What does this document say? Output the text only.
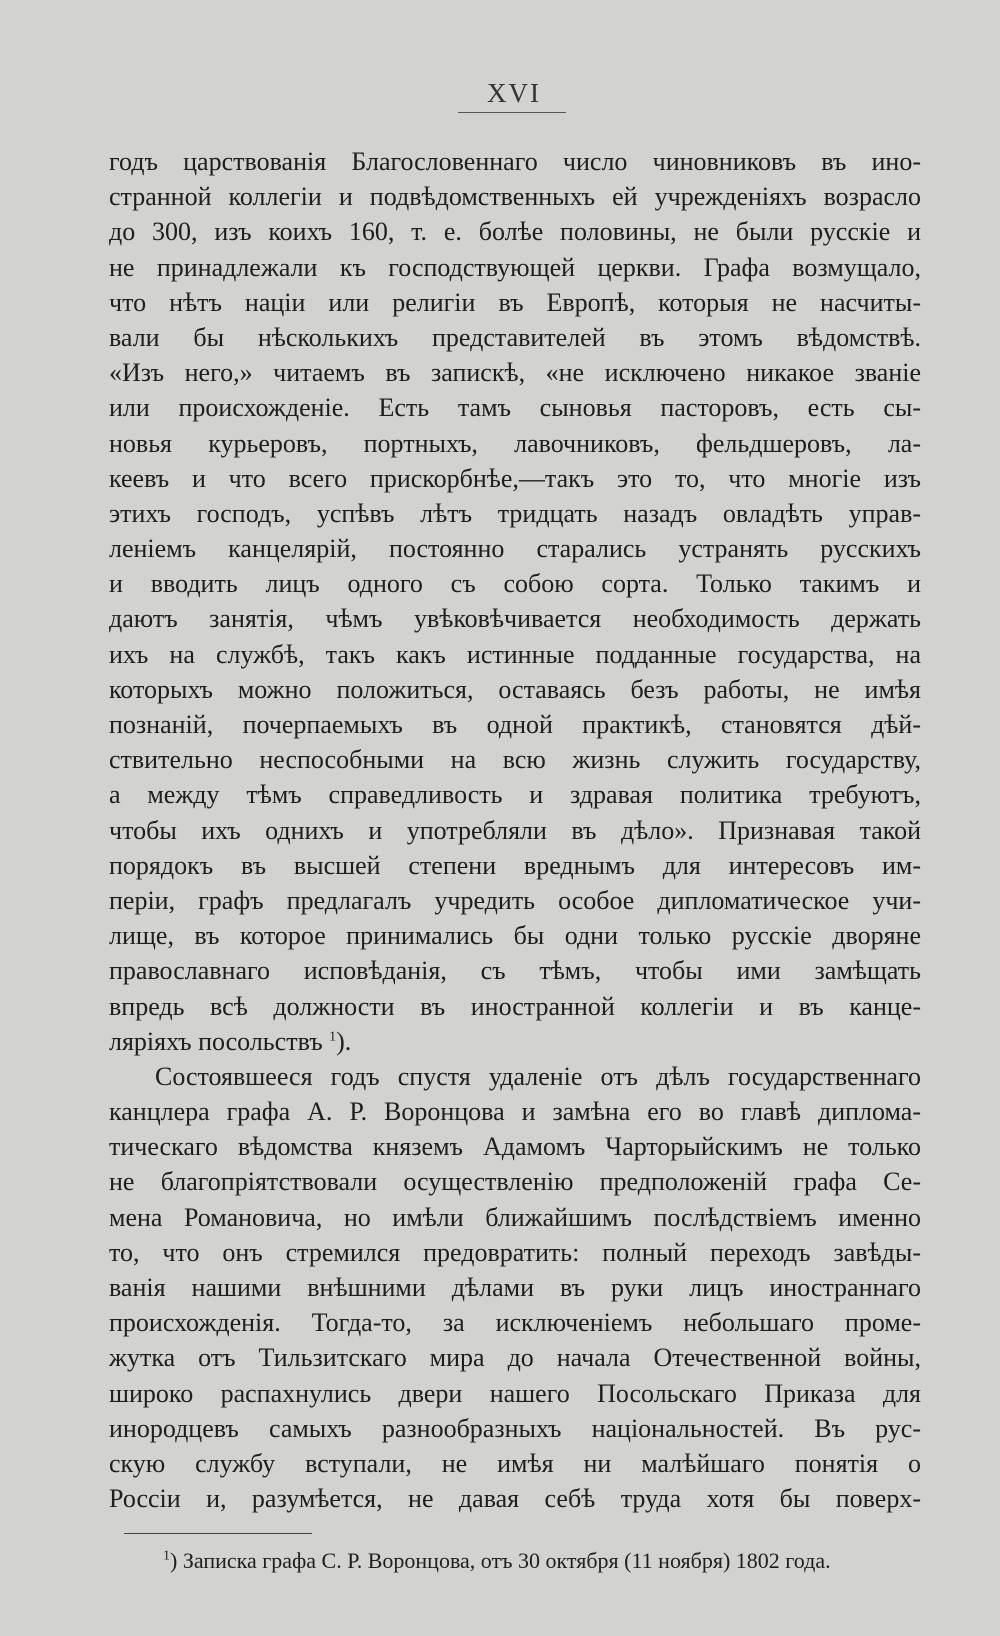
XVI
годъ царствованія Благословеннаго число чиновниковъ въ ино-
странной коллегіи и подвѣдомственныхъ ей учрежденіяхъ возрасло
до 300, изъ коихъ 160, т. е. болѣе половины, не были русскіе и
не принадлежали къ господствующей церкви. Графа возмущало,
что нѣтъ націи или религіи въ Европѣ, которыя не насчиты-
вали бы нѣсколькихъ представителей въ этомъ вѣдомствѣ.
«Изъ него,» читаемъ въ запискѣ, «не исключено никакое званіе
или происхожденіе. Есть тамъ сыновья пасторовъ, есть сы-
новья курьеровъ, портныхъ, лавочниковъ, фельдшеровъ, ла-
кеевъ и что всего прискорбнѣе,—такъ это то, что многіе изъ
этихъ господъ, успѣвъ лѣтъ тридцать назадъ овладѣть управ-
леніемъ канцелярій, постоянно старались устранять русскихъ
и вводить лицъ одного съ собою сорта. Только такимъ и
даютъ занятія, чѣмъ увѣковѣчивается необходимость держать
ихъ на службѣ, такъ какъ истинные подданные государства, на
которыхъ можно положиться, оставаясь безъ работы, не имѣя
познаній, почерпаемыхъ въ одной практикѣ, становятся дѣй-
ствительно неспособными на всю жизнь служить государству,
а между тѣмъ справедливость и здравая политика требуютъ,
чтобы ихъ однихъ и употребляли въ дѣло». Признавая такой
порядокъ въ высшей степени вреднымъ для интересовъ им-
періи, графъ предлагалъ учредить особое дипломатическое учи-
лище, въ которое принимались бы одни только русскіе дворяне
православнаго исповѣданія, съ тѣмъ, чтобы ими замѣщать
впредь всѣ должности въ иностранной коллегіи и въ канце-
ляріяхъ посольствъ $^1$).
Состоявшееся годъ спустя удаленіе отъ дѣлъ государственнаго
канцлера графа А. Р. Воронцова и замѣна его во главѣ диплома-
тическаго вѣдомства княземъ Адамомъ Чарторыйскимъ не только
не благопріятствовали осуществленію предположеній графа Се-
мена Романовича, но имѣли ближайшимъ послѣдствіемъ именно
то, что онъ стремился предовратить: полный переходъ завѣды-
ванія нашими внѣшними дѣлами въ руки лицъ иностраннаго
происхожденія. Тогда-то, за исключеніемъ небольшаго проме-
жутка отъ Тильзитскаго мира до начала Отечественной войны,
широко распахнулись двери нашего Посольскаго Приказа для
инородцевъ самыхъ разнообразныхъ національностей. Въ рус-
скую службу вступали, не имѣя ни малѣйшаго понятія о
Россіи и, разумѣется, не давая себѣ труда хотя бы поверх-
$^1$) Записка графа С. Р. Воронцова, отъ 30 октября (11 ноября) 1802 года.
